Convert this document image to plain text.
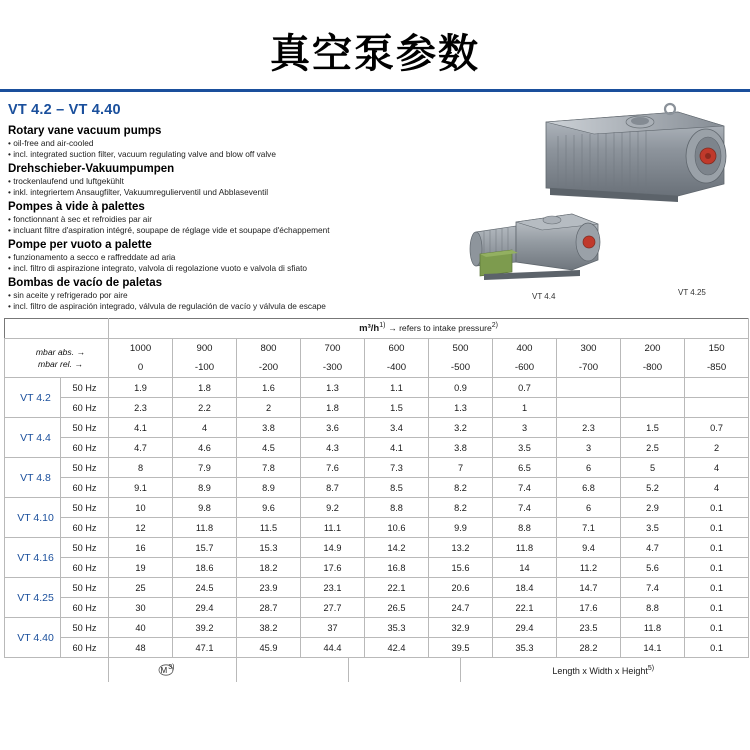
真空泵参数
VT 4.2 – VT 4.40
Rotary vane vacuum pumps
• oil-free and air-cooled
• incl. integrated suction filter, vacuum regulating valve and blow off valve
Drehschieber-Vakuumpumpen
• trockenlaufend und luftgekühlt
• inkl. integriertem Ansaugfilter, Vakuumregulierventil und Abblaseventil
Pompes à vide à palettes
• fonctionnant à sec et refroidies par air
• incluant filtre d'aspiration intégré, soupape de réglage vide et soupape d'échappement
Pompe per vuoto a palette
• funzionamento a secco e raffreddate ad aria
• incl. filtro di aspirazione integrato, valvola di regolazione vuoto e valvola di sfiato
Bombas de vacío de paletas
• sin aceite y refrigerado por aire
• incl. filtro de aspiración integrado, válvula de regulación de vacío y válvula de escape
VT 4.25
VT 4.4
		$m^3/h^{1)}$ → refers to intake pressure$^{2)}$

mbar abs. →
mbar rel. →		1000	900	800	700	600	500	400	300	200	150
		0	-100	-200	-300	-400	-500	-600	-700	-800	-850
VT 4.2	50 Hz	1.9	1.8	1.6	1.3	1.1	0.9	0.7			
	60 Hz	2.3	2.2	2	1.8	1.5	1.3	1			
VT 4.4	50 Hz	4.1	4	3.8	3.6	3.4	3.2	3	2.3	1.5	0.7
	60 Hz	4.7	4.6	4.5	4.3	4.1	3.8	3.5	3	2.5	2
VT 4.8	50 Hz	8	7.9	7.8	7.6	7.3	7	6.5	6	5	4
	60 Hz	9.1	8.9	8.9	8.7	8.5	8.2	7.4	6.8	5.2	4
VT 4.10	50 Hz	10	9.8	9.6	9.2	8.8	8.2	7.4	6	2.9	0.1
	60 Hz	12	11.8	11.5	11.1	10.6	9.9	8.8	7.1	3.5	0.1
VT 4.16	50 Hz	16	15.7	15.3	14.9	14.2	13.2	11.8	9.4	4.7	0.1
	60 Hz	19	18.6	18.2	17.6	16.8	15.6	14	11.2	5.6	0.1
VT 4.25	50 Hz	25	24.5	23.9	23.1	22.1	20.6	18.4	14.7	7.4	0.1
	60 Hz	30	29.4	28.7	27.7	26.5	24.7	22.1	17.6	8.8	0.1
VT 4.40	50 Hz	40	39.2	38.2	37	35.3	32.9	29.4	23.5	11.8	0.1
	60 Hz	48	47.1	45.9	44.4	42.4	39.5	35.3	28.2	14.1	0.1
	$M^{3)}$			Length x Width x Height$^{5)}$
